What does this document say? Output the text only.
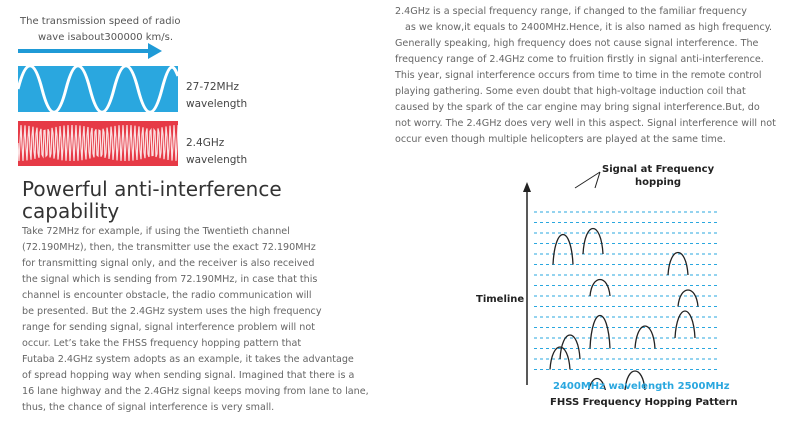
The transmission speed of radio
wave isabout300000 km/s.
27-72MHz
wavelength
2.4GHz
wavelength
Powerful anti-interference
capability
Take 72MHz for example, if using the Twentieth channel
(72.190MHz), then, the transmitter use the exact 72.190MHz
for transmitting signal only, and the receiver is also received
the signal which is sending from 72.190MHz, in case that this
channel is encounter obstacle, the radio communication will
be presented. But the 2.4GHz system uses the high frequency
range for sending signal, signal interference problem will not
occur. Let’s take the FHSS frequency hopping pattern that
Futaba 2.4GHz system adopts as an example, it takes the advantage
of spread hopping way when sending signal. Imagined that there is a
16 lane highway and the 2.4GHz signal keeps moving from lane to lane,
thus, the chance of signal interference is very small.
2.4GHz is a special frequency range, if changed to the familiar frequency
as we know,it equals to 2400MHz.Hence, it is also named as high frequency.
Generally speaking, high frequency does not cause signal interference. The
frequency range of 2.4GHz come to fruition firstly in signal anti-interference.
This year, signal interference occurs from time to time in the remote control
playing gathering. Some even doubt that high-voltage induction coil that
caused by the spark of the car engine may bring signal interference.But, do
not worry. The 2.4GHz does very well in this aspect. Signal interference will not
occur even though multiple helicopters are played at the same time.
Signal at Frequency
hopping
Timeline
2400MHz wavelength 2500MHz
FHSS Frequency Hopping Pattern
